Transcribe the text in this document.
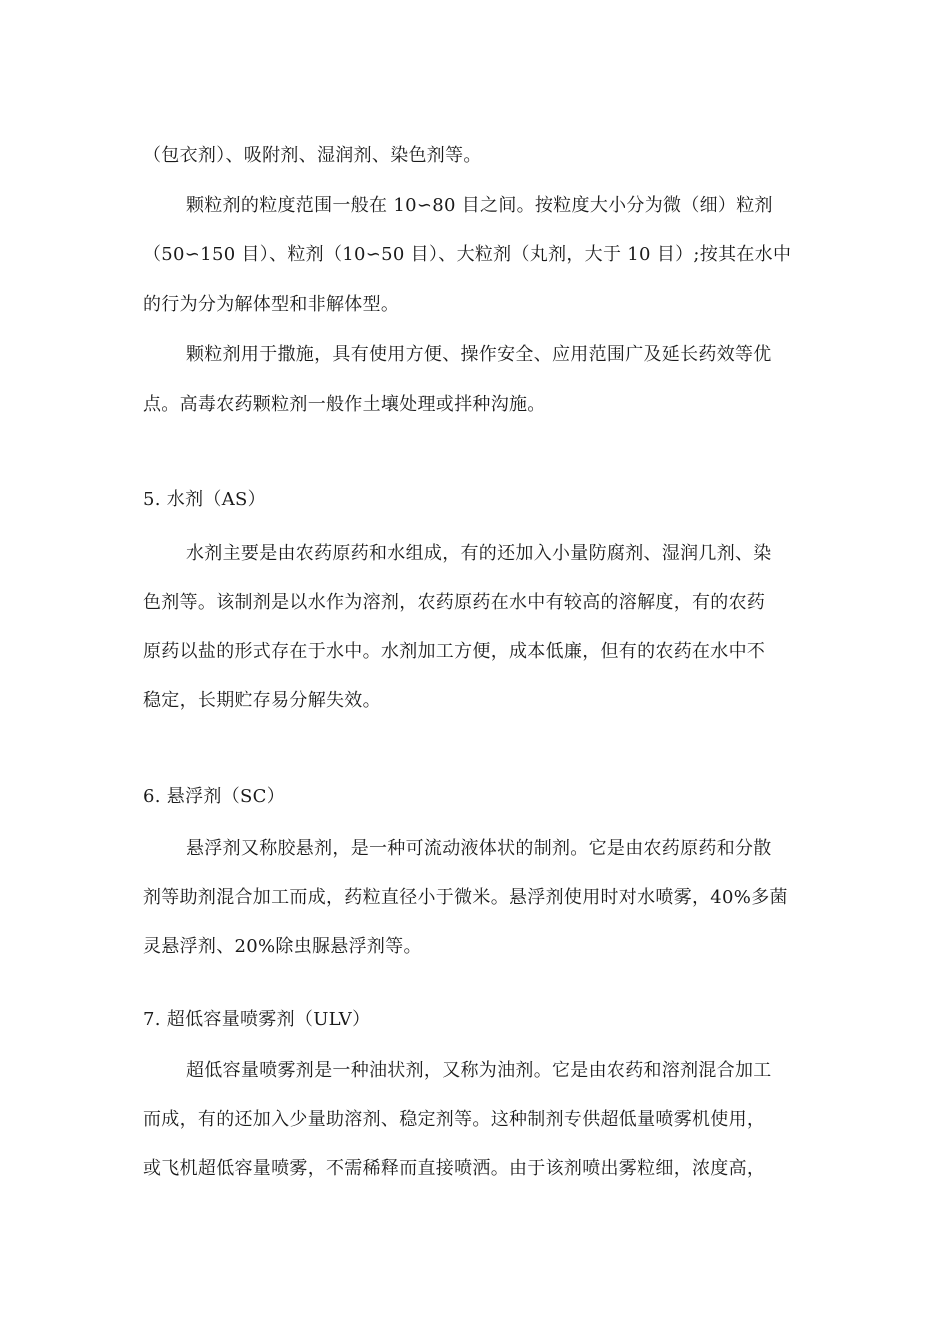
（包衣剂）、吸附剂、湿润剂、染色剂等。
颗粒剂的粒度范围一般在 10∽80 目之间。按粒度大小分为微（细）粒剂
（50∽150 目）、粒剂（10∽50 目）、大粒剂（丸剂，大于 10 目）;按其在水中
的行为分为解体型和非解体型。
颗粒剂用于撒施，具有使用方便、操作安全、应用范围广及延长药效等优
点。高毒农药颗粒剂一般作土壤处理或拌种沟施。
5. 水剂（AS）
水剂主要是由农药原药和水组成，有的还加入小量防腐剂、湿润几剂、染
色剂等。该制剂是以水作为溶剂，农药原药在水中有较高的溶解度，有的农药
原药以盐的形式存在于水中。水剂加工方便，成本低廉，但有的农药在水中不
稳定，长期贮存易分解失效。
6. 悬浮剂（SC）
悬浮剂又称胶悬剂，是一种可流动液体状的制剂。它是由农药原药和分散
剂等助剂混合加工而成，药粒直径小于微米。悬浮剂使用时对水喷雾，40%多菌
灵悬浮剂、20%除虫脲悬浮剂等。
7. 超低容量喷雾剂（ULV）
超低容量喷雾剂是一种油状剂，又称为油剂。它是由农药和溶剂混合加工
而成，有的还加入少量助溶剂、稳定剂等。这种制剂专供超低量喷雾机使用，
或飞机超低容量喷雾，不需稀释而直接喷洒。由于该剂喷出雾粒细，浓度高，
